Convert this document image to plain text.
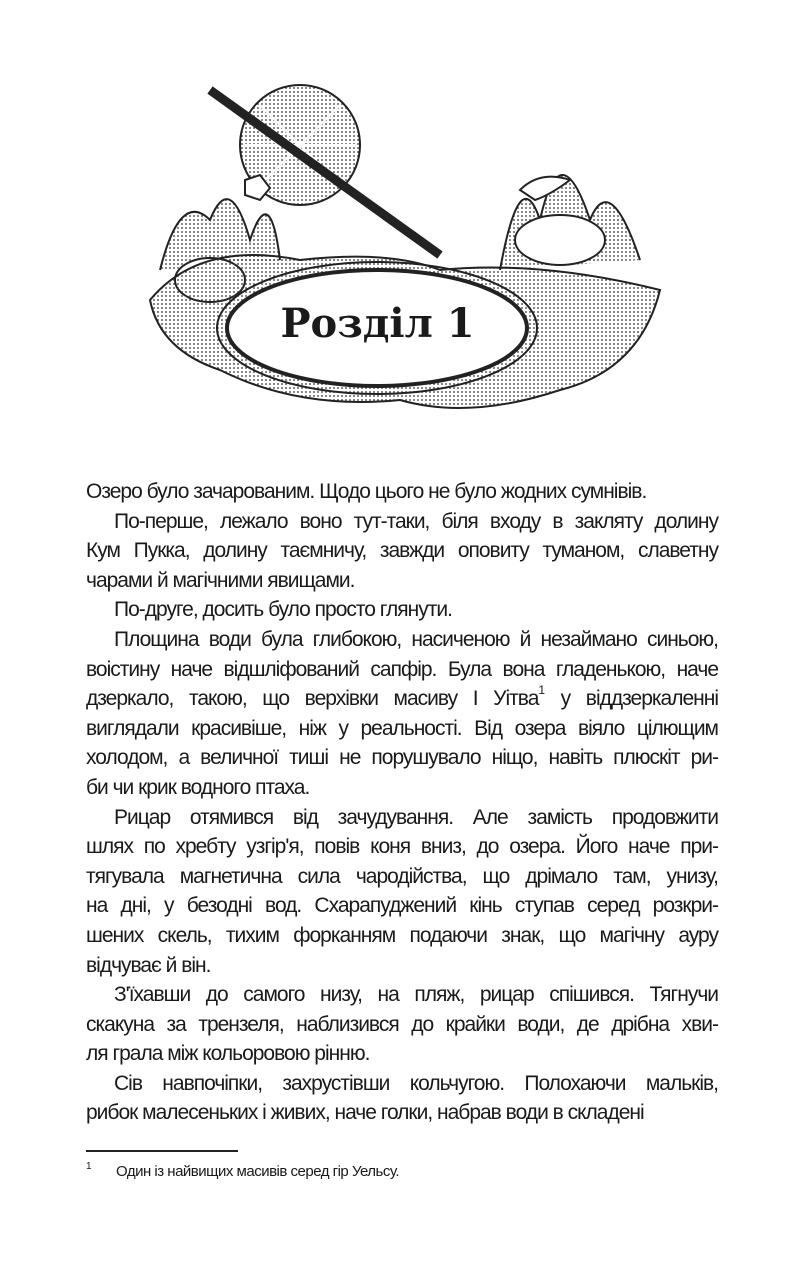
Розділ 1
Озеро було зачарованим. Щодо цього не було жодних сумнівів.
По-перше, лежало воно тут-таки, біля входу в закляту долину
Кум Пукка, долину таємничу, завжди оповиту туманом, славетну
чарами й магічними явищами.
По-друге, досить було просто глянути.
Площина води була глибокою, насиченою й незаймано синьою,
воістину наче відшліфований сапфір. Була вона гладенькою, наче
дзеркало, такою, що верхівки масиву І Уітва$^1$ у віддзеркаленні
виглядали красивіше, ніж у реальності. Від озера віяло цілющим
холодом, а величної тиші не порушувало ніщо, навіть плюскіт ри-
би чи крик водного птаха.
Рицар отямився від зачудування. Але замість продовжити
шлях по хребту узгір'я, повів коня вниз, до озера. Його наче при-
тягувала магнетична сила чародійства, що дрімало там, унизу,
на дні, у безодні вод. Схарапуджений кінь ступав серед розкри-
шених скель, тихим форканням подаючи знак, що магічну ауру
відчуває й він.
З'їхавши до самого низу, на пляж, рицар спішився. Тягнучи
скакуна за трензеля, наблизився до крайки води, де дрібна хви-
ля грала між кольоровою рінню.
Сів навпочіпки, захрустівши кольчугою. Полохаючи мальків,
рибок малесеньких і живих, наче голки, набрав води в складені
1 Один із найвищих масивів серед гір Уельсу.
